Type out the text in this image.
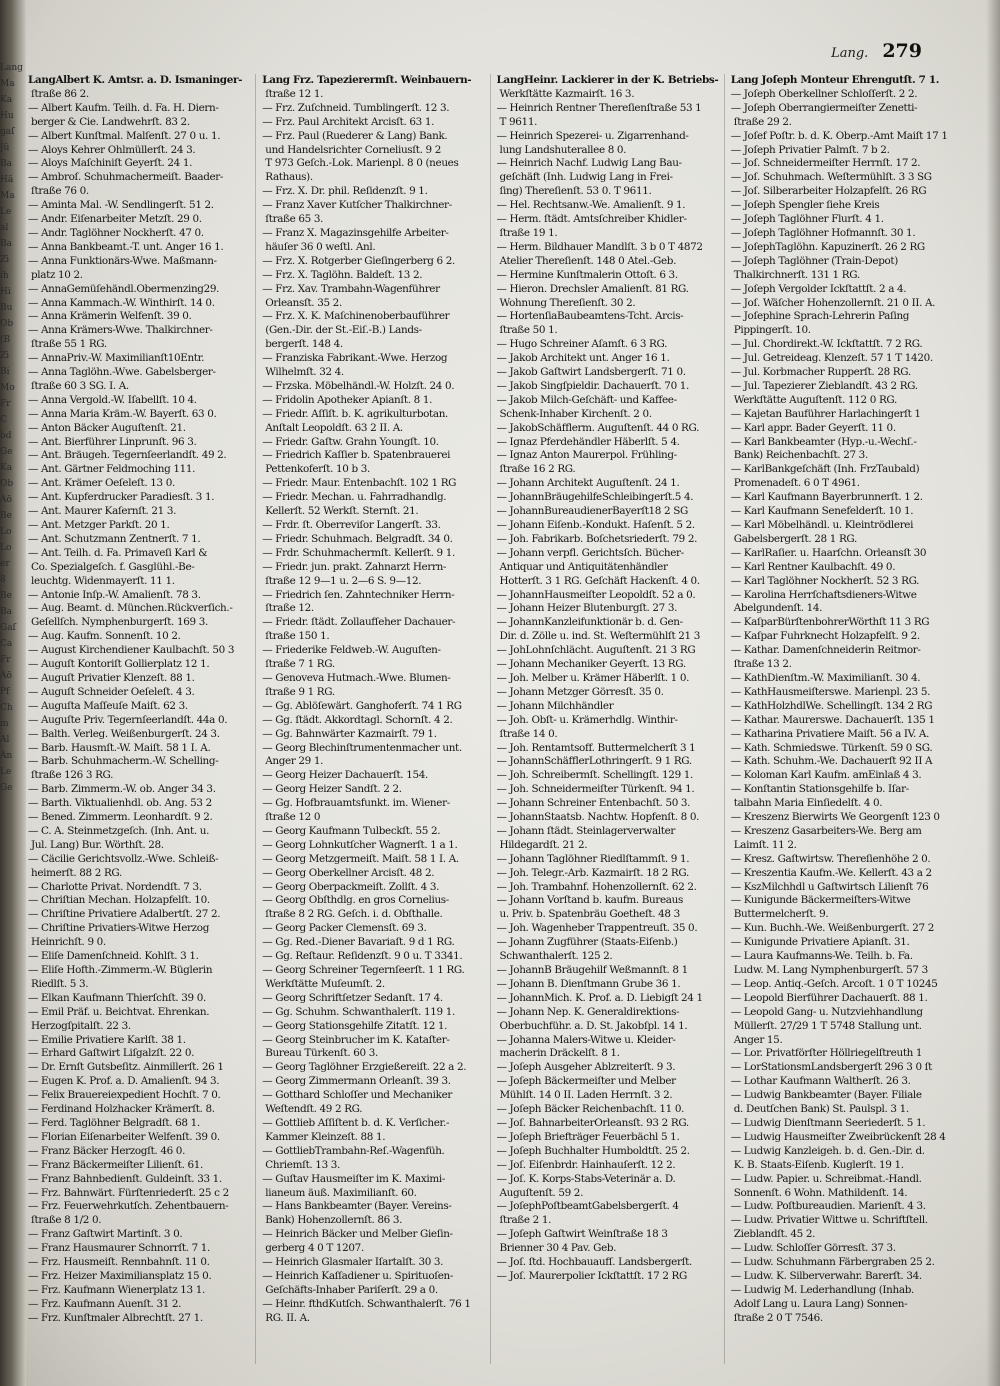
Lang
Ma
Ka
Hu
gaſ
Jü
Ba
Hä
Ma
Le
al
Ba
Zi
ih
Hi
Bu
Ob
(B
Zi
Bi
Mo
Fr
C
bd
Ge
Ka
Ob
Aö
Be
Lo
Lo
er
8
Be
Ba
Gaſ
Ca
Fr
Aö
Pf
Ch
m
Al
An
Le
Ge
Lang. 279
LangAlbert K. Amtsr. a. D. Ismaninger-
ſtraße 86 2.
— Albert Kaufm. Teilh. d. Fa. H. Diern-
berger & Cie. Landwehrſt. 83 2.
— Albert Kunſtmal. Malſenſt. 27 0 u. 1.
— Aloys Kehrer Ohlmüllerſt. 24 3.
— Aloys Maſchiniſt Geyerſt. 24 1.
— Ambroſ. Schuhmachermeiſt. Baader-
ſtraße 76 0.
— Aminta Mal. -W. Sendlingerſt. 51 2.
— Andr. Eiſenarbeiter Metzſt. 29 0.
— Andr. Taglöhner Nockherſt. 47 0.
— Anna Bankbeamt.-T. unt. Anger 16 1.
— Anna Funktionärs-Wwe. Maßmann-
platz 10 2.
— AnnaGemüſehändl.Obermenzing29.
— Anna Kammach.-W. Winthirſt. 14 0.
— Anna Krämerin Welfenſt. 39 0.
— Anna Krämers-Wwe. Thalkirchner-
ſtraße 55 1 RG.
— AnnaPriv.-W. Maximilianſt10Entr.
— Anna Taglöhn.-Wwe. Gabelsberger-
ſtraße 60 3 SG. I. A.
— Anna Vergold.-W. Iſabellſt. 10 4.
— Anna Maria Kräm.-W. Bayerſt. 63 0.
— Anton Bäcker Auguſtenſt. 21.
— Ant. Bierführer Linprunſt. 96 3.
— Ant. Bräugeh. Tegernſeerlandſt. 49 2.
— Ant. Gärtner Feldmoching 111.
— Ant. Krämer Oeſeleſt. 13 0.
— Ant. Kupferdrucker Paradiesſt. 3 1.
— Ant. Maurer Kaſernſt. 21 3.
— Ant. Metzger Parkſt. 20 1.
— Ant. Schutzmann Zentnerſt. 7 1.
— Ant. Teilh. d. Fa. Primaveſi Karl &
Co. Spezialgeſch. f. Gasglühl.-Be-
leuchtg. Widenmayerſt. 11 1.
— Antonie Inſp.-W. Amalienſt. 78 3.
— Aug. Beamt. d. München.Rückverſich.-
Geſellſch. Nymphenburgerſt. 169 3.
— Aug. Kaufm. Sonnenſt. 10 2.
— August Kirchendiener Kaulbachſt. 50 3
— Auguſt Kontoriſt Gollierplatz 12 1.
— Auguſt Privatier Klenzeſt. 88 1.
— Auguſt Schneider Oeſeleſt. 4 3.
— Auguſta Maſſeuſe Maiſt. 62 3.
— Auguſte Priv. Tegernſeerlandſt. 44a 0.
— Balth. Verleg. Weißenburgerſt. 24 3.
— Barb. Hausmſt.-W. Maiſt. 58 1 I. A.
— Barb. Schuhmacherm.-W. Schelling-
ſtraße 126 3 RG.
— Barb. Zimmerm.-W. ob. Anger 34 3.
— Barth. Viktualienhdl. ob. Ang. 53 2
— Bened. Zimmerm. Leonhardſt. 9 2.
— C. A. Steinmetzgeſch. (Inh. Ant. u.
Jul. Lang) Bur. Wörthſt. 28.
— Cäcilie Gerichtsvollz.-Wwe. Schleiß-
heimerſt. 88 2 RG.
— Charlotte Privat. Nordendſt. 7 3.
— Chriſtian Mechan. Holzapfelſt. 10.
— Chriſtine Privatiere Adalbertſt. 27 2.
— Chriſtine Privatiers-Witwe Herzog
Heinrichſt. 9 0.
— Eliſe Damenſchneid. Kohlſt. 3 1.
— Eliſe Hofth.-Zimmerm.-W. Büglerin
Riedlſt. 5 3.
— Elkan Kaufmann Thierſchſt. 39 0.
— Emil Präf. u. Beichtvat. Ehrenkan.
Herzogſpitalſt. 22 3.
— Emilie Privatiere Karlſt. 38 1.
— Erhard Gaſtwirt Liſgalzſt. 22 0.
— Dr. Ernſt Gutsbeſitz. Ainmillerſt. 26 1
— Eugen K. Prof. a. D. Amalienſt. 94 3.
— Felix Brauereiexpedient Hochſt. 7 0.
— Ferdinand Holzhacker Krämerſt. 8.
— Ferd. Taglöhner Belgradſt. 68 1.
— Florian Eiſenarbeiter Welfenſt. 39 0.
— Franz Bäcker Herzogſt. 46 0.
— Franz Bäckermeiſter Lilienſt. 61.
— Franz Bahnbedienſt. Guldeinſt. 33 1.
— Frz. Bahnwärt. Fürſtenriederſt. 25 c 2
— Frz. Feuerwehrkutſch. Zehentbauern-
ſtraße 8 1/2 0.
— Franz Gaſtwirt Martinſt. 3 0.
— Franz Hausmaurer Schnorrſt. 7 1.
— Frz. Hausmeiſt. Rennbahnſt. 11 0.
— Frz. Heizer Maximiliansplatz 15 0.
— Frz. Kaufmann Wienerplatz 13 1.
— Frz. Kaufmann Auenſt. 31 2.
— Frz. Kunſtmaler Albrechtſt. 27 1.
Lang Frz. Tapezierermſt. Weinbauern-
ſtraße 12 1.
— Frz. Zuſchneid. Tumblingerſt. 12 3.
— Frz. Paul Architekt Arcisſt. 63 1.
— Frz. Paul (Ruederer & Lang) Bank.
und Handelsrichter Corneliusſt. 9 2
T 973 Geſch.-Lok. Marienpl. 8 0 (neues
Rathaus).
— Frz. X. Dr. phil. Reſidenzſt. 9 1.
— Franz Xaver Kutſcher Thalkirchner-
ſtraße 65 3.
— Franz X. Magazinsgehilfe Arbeiter-
häuſer 36 0 weſtl. Anl.
— Frz. X. Rotgerber Gieſingerberg 6 2.
— Frz. X. Taglöhn. Baldeſt. 13 2.
— Frz. Xav. Trambahn-Wagenführer
Orleansſt. 35 2.
— Frz. X. K. Maſchinenoberbauführer
(Gen.-Dir. der St.-Eiſ.-B.) Lands-
bergerſt. 148 4.
— Franziska Fabrikant.-Wwe. Herzog
Wilhelmſt. 32 4.
— Frzska. Möbelhändl.-W. Holzſt. 24 0.
— Fridolin Apotheker Apianſt. 8 1.
— Friedr. Aſſiſt. b. K. agrikulturbotan.
Anſtalt Leopoldſt. 63 2 II. A.
— Friedr. Gaſtw. Grahn Youngſt. 10.
— Friedrich Kaſſier b. Spatenbrauerei
Pettenkoferſt. 10 b 3.
— Friedr. Maur. Entenbachſt. 102 1 RG
— Friedr. Mechan. u. Fahrradhandlg.
Kellerſt. 52 Werkſt. Sternſt. 21.
— Frdr. ſt. Oberreviſor Langerſt. 33.
— Friedr. Schuhmach. Belgradſt. 34 0.
— Frdr. Schuhmachermſt. Kellerſt. 9 1.
— Friedr. jun. prakt. Zahnarzt Herrn-
ſtraße 12 9—1 u. 2—6 S. 9—12.
— Friedrich ſen. Zahntechniker Herrn-
ſtraße 12.
— Friedr. ſtädt. Zollaufſeher Dachauer-
ſtraße 150 1.
— Friederike Feldweb.-W. Auguſten-
ſtraße 7 1 RG.
— Genoveva Hutmach.-Wwe. Blumen-
ſtraße 9 1 RG.
— Gg. Ablöſewärt. Ganghoferſt. 74 1 RG
— Gg. ſtädt. Akkordtagl. Schornſt. 4 2.
— Gg. Bahnwärter Kazmairſt. 79 1.
— Georg Blechinſtrumentenmacher unt.
Anger 29 1.
— Georg Heizer Dachauerſt. 154.
— Georg Heizer Sandſt. 2 2.
— Gg. Hofbrauamtsfunkt. im. Wiener-
ſtraße 12 0
— Georg Kaufmann Tulbeckſt. 55 2.
— Georg Lohnkutſcher Wagnerſt. 1 a 1.
— Georg Metzgermeiſt. Maiſt. 58 1 I. A.
— Georg Oberkellner Arcisſt. 48 2.
— Georg Oberpackmeiſt. Zollſt. 4 3.
— Georg Obſthdlg. en gros Cornelius-
ſtraße 8 2 RG. Geſch. i. d. Obſthalle.
— Georg Packer Clemensſt. 69 3.
— Gg. Red.-Diener Bavariaſt. 9 d 1 RG.
— Gg. Reſtaur. Reſidenzſt. 9 0 u. T 3341.
— Georg Schreiner Tegernſeerſt. 1 1 RG.
Werkſtätte Muſeumſt. 2.
— Georg Schriftſetzer Sedanſt. 17 4.
— Gg. Schuhm. Schwanthalerſt. 119 1.
— Georg Stationsgehilfe Zitatſt. 12 1.
— Georg Steinbrucher im K. Kataſter-
Bureau Türkenſt. 60 3.
— Georg Taglöhner Erzgießereiſt. 22 a 2.
— Georg Zimmermann Orleanſt. 39 3.
— Gotthard Schloſſer und Mechaniker
Weſtendſt. 49 2 RG.
— Gottlieb Aſſiſtent b. d. K. Verſicher.-
Kammer Kleinzeſt. 88 1.
— GottliebTrambahn-Reſ.-Wagenfüh.
Chriemſt. 13 3.
— Guſtav Hausmeiſter im K. Maximi-
lianeum äuß. Maximilianſt. 60.
— Hans Bankbeamter (Bayer. Vereins-
Bank) Hohenzollernſt. 86 3.
— Heinrich Bäcker und Melber Gieſin-
gerberg 4 0 T 1207.
— Heinrich Glasmaler Iſartalſt. 30 3.
— Heinrich Kaſſadiener u. Spirituoſen-
Geſchäfts-Inhaber Pariſerſt. 29 a 0.
— Heinr. fthdKutſch. Schwanthalerſt. 76 1
RG. II. A.
LangHeinr. Lackierer in der K. Betriebs-
Werkſtätte Kazmairſt. 16 3.
— Heinrich Rentner Thereſienſtraße 53 1
T 9611.
— Heinrich Spezerei- u. Zigarrenhand-
lung Landshuterallee 8 0.
— Heinrich Nachf. Ludwig Lang Bau-
geſchäft (Inh. Ludwig Lang in Frei-
ſing) Thereſienſt. 53 0. T 9611.
— Hel. Rechtsanw.-We. Amalienſt. 9 1.
— Herm. ſtädt. Amtsſchreiber Khidler-
ſtraße 19 1.
— Herm. Bildhauer Mandlſt. 3 b 0 T 4872
Atelier Thereſienſt. 148 0 Atel.-Geb.
— Hermine Kunſtmalerin Ottoſt. 6 3.
— Hieron. Drechsler Amalienſt. 81 RG.
Wohnung Thereſienſt. 30 2.
— HortenſiaBaubeamtens-Tcht. Arcis-
ſtraße 50 1.
— Hugo Schreiner Aſamſt. 6 3 RG.
— Jakob Architekt unt. Anger 16 1.
— Jakob Gaſtwirt Landsbergerſt. 71 0.
— Jakob Singſpieldir. Dachauerſt. 70 1.
— Jakob Milch-Geſchäft- und Kaffee-
Schenk-Inhaber Kirchenſt. 2 0.
— JakobSchäfflerm. Auguſtenſt. 44 0 RG.
— Ignaz Pferdehändler Häberlſt. 5 4.
— Ignaz Anton Maurerpol. Frühling-
ſtraße 16 2 RG.
— Johann Architekt Auguſtenſt. 24 1.
— JohannBräugehilfeSchleibingerſt.5 4.
— JohannBureaudienerBayerſt18 2 SG
— Johann Eiſenb.-Kondukt. Haſenſt. 5 2.
— Joh. Fabrikarb. Boſchetsriederſt. 79 2.
— Johann verpfl. Gerichtsſch. Bücher-
Antiquar und Antiquitätenhändler
Hotterſt. 3 1 RG. Geſchäft Hackenſt. 4 0.
— JohannHausmeiſter Leopoldſt. 52 a 0.
— Johann Heizer Blutenburgſt. 27 3.
— JohannKanzleifunktionär b. d. Gen-
Dir. d. Zölle u. ind. St. Weſtermühlſt 21 3
— JohLohnſchlächt. Auguſtenſt. 21 3 RG
— Johann Mechaniker Geyerſt. 13 RG.
— Joh. Melber u. Krämer Häberlſt. 1 0.
— Johann Metzger Görresſt. 35 0.
— Johann Milchhändler
— Joh. Obſt- u. Krämerhdlg. Winthir-
ſtraße 14 0.
— Joh. Rentamtsoff. Buttermelcherſt 3 1
— JohannSchäfflerLothringerſt. 9 1 RG.
— Joh. Schreibermſt. Schellingſt. 129 1.
— Joh. Schneidermeiſter Türkenſt. 94 1.
— Johann Schreiner Entenbachſt. 50 3.
— JohannStaatsb. Nachtw. Hopfenſt. 8 0.
— Johann ſtädt. Steinlagerverwalter
Hildegardſt. 21 2.
— Johann Taglöhner Riedlſtammſt. 9 1.
— Joh. Telegr.-Arb. Kazmairſt. 18 2 RG.
— Joh. Trambahnf. Hohenzollernſt. 62 2.
— Johann Vorſtand b. kaufm. Bureaus
u. Priv. b. Spatenbräu Goetheſt. 48 3
— Joh. Wagenheber Trappentreuſt. 35 0.
— Johann Zugführer (Staats-Eiſenb.)
Schwanthalerſt. 125 2.
— JohannB Bräugehilf Weßmannſt. 8 1
— Johann B. Dienſtmann Grube 36 1.
— JohannMich. K. Prof. a. D. Liebigſt 24 1
— Johann Nep. K. Generaldirektions-
Oberbuchführ. a. D. St. Jakobſpl. 14 1.
— Johanna Malers-Witwe u. Kleider-
macherin Dräckelſt. 8 1.
— Joſeph Ausgeher Ablzreiterſt. 9 3.
— Joſeph Bäckermeiſter und Melber
Mühlſt. 14 0 II. Laden Herrnſt. 3 2.
— Joſeph Bäcker Reichenbachſt. 11 0.
— Joſ. BahnarbeiterOrleansſt. 93 2 RG.
— Joſeph Briefträger Feuerbächl 5 1.
— Joſeph Buchhalter Humboldtſt. 25 2.
— Joſ. Eiſenbrdr. Hainhauſerſt. 12 2.
— Joſ. K. Korps-Stabs-Veterinär a. D.
Auguſtenſt. 59 2.
— JoſephPoſtbeamtGabelsbergerſt. 4
ſtraße 2 1.
— Joſeph Gaſtwirt Weinſtraße 18 3
Brienner 30 4 Pav. Geb.
— Joſ. ſtd. Hochbauaufſ. Landsbergerſt.
— Joſ. Maurerpolier Ickſtattſt. 17 2 RG
Lang Joſeph Monteur Ehrengutſt. 7 1.
— Joſeph Oberkellner Schloſſerſt. 2 2.
— Joſeph Oberrangiermeiſter Zenetti-
ſtraße 29 2.
— Joſef Poſtr. b. d. K. Oberp.-Amt Maiſt 17 1
— Joſeph Privatier Palmſt. 7 b 2.
— Joſ. Schneidermeiſter Herrnſt. 17 2.
— Joſ. Schuhmach. Weſtermühlſt. 3 3 SG
— Joſ. Silberarbeiter Holzapfelſt. 26 RG
— Joſeph Spengler ſiehe Kreis
— Joſeph Taglöhner Flurſt. 4 1.
— Joſeph Taglöhner Hofmannſt. 30 1.
— JoſephTaglöhn. Kapuzinerſt. 26 2 RG
— Joſeph Taglöhner (Train-Depot)
Thalkirchnerſt. 131 1 RG.
— Joſeph Vergolder Ickſtattſt. 2 a 4.
— Joſ. Wäſcher Hohenzollernſt. 21 0 II. A.
— Joſephine Sprach-Lehrerin Paſing
Pippingerſt. 10.
— Jul. Chordirekt.-W. Ickſtattſt. 7 2 RG.
— Jul. Getreideag. Klenzeſt. 57 1 T 1420.
— Jul. Korbmacher Rupperſt. 28 RG.
— Jul. Tapezierer Zieblandſt. 43 2 RG.
Werkſtätte Auguſtenſt. 112 0 RG.
— Kajetan Bauführer Harlachingerſt 1
— Karl appr. Bader Geyerſt. 11 0.
— Karl Bankbeamter (Hyp.-u.-Wechſ.-
Bank) Reichenbachſt. 27 3.
— KarlBankgeſchäft (Inh. FrzTaubald)
Promenadeſt. 6 0 T 4961.
— Karl Kaufmann Bayerbrunnerſt. 1 2.
— Karl Kaufmann Senefelderſt. 10 1.
— Karl Möbelhändl. u. Kleintrödlerei
Gabelsbergerſt. 28 1 RG.
— KarlRaſier. u. Haarſchn. Orleansſt 30
— Karl Rentner Kaulbachſt. 49 0.
— Karl Taglöhner Nockherſt. 52 3 RG.
— Karolina Herrſchaftsdieners-Witwe
Abelgundenſt. 14.
— KaſparBürſtenbohrerWörthſt 11 3 RG
— Kaſpar Fuhrknecht Holzapfelſt. 9 2.
— Kathar. Damenſchneiderin Reitmor-
ſtraße 13 2.
— KathDienſtm.-W. Maximilianſt. 30 4.
— KathHausmeiſterswe. Marienpl. 23 5.
— KathHolzhdlWe. Schellingſt. 134 2 RG
— Kathar. Maurerswe. Dachauerſt. 135 1
— Katharina Privatiere Maiſt. 56 a IV. A.
— Kath. Schmiedswe. Türkenſt. 59 0 SG.
— Kath. Schuhm.-We. Dachauerſt 92 II A
— Koloman Karl Kaufm. amEinlaß 4 3.
— Konſtantin Stationsgehilfe b. Iſar-
talbahn Maria Einſiedelſt. 4 0.
— Kreszenz Bierwirts We Georgenſt 123 0
— Kreszenz Gasarbeiters-We. Berg am
Laimſt. 11 2.
— Kresz. Gaſtwirtsw. Thereſienhöhe 2 0.
— Kreszentia Kaufm.-We. Kellerſt. 43 a 2
— KszMilchhdl u Gaſtwirtsch Lilienſt 76
— Kunigunde Bäckermeiſters-Witwe
Buttermelcherſt. 9.
— Kun. Buchh.-We. Weißenburgerſt. 27 2
— Kunigunde Privatiere Apianſt. 31.
— Laura Kaufmanns-We. Teilh. b. Fa.
Ludw. M. Lang Nymphenburgerſt. 57 3
— Leop. Antiq.-Geſch. Arcoſt. 1 0 T 10245
— Leopold Bierführer Dachauerſt. 88 1.
— Leopold Gang- u. Nutzviehhandlung
Müllerſt. 27/29 1 T 5748 Stallung unt.
Anger 15.
— Lor. Privatförſter Höllriegelſtreuth 1
— LorStationsmLandsbergerſt 296 3 0 ſt
— Lothar Kaufmann Waltherſt. 26 3.
— Ludwig Bankbeamter (Bayer. Filiale
d. Deutſchen Bank) St. Paulspl. 3 1.
— Ludwig Dienſtmann Seeriederſt. 5 1.
— Ludwig Hausmeiſter Zweibrückenſt 28 4
— Ludwig Kanzleigeh. b. d. Gen.-Dir. d.
K. B. Staats-Eiſenb. Kuglerſt. 19 1.
— Ludw. Papier. u. Schreibmat.-Handl.
Sonnenſt. 6 Wohn. Mathildenſt. 14.
— Ludw. Poſtbureaudien. Marienſt. 4 3.
— Ludw. Privatier Wittwe u. Schriftſtell.
Zieblandſt. 45 2.
— Ludw. Schloſſer Görresſt. 37 3.
— Ludw. Schuhmann Färbergraben 25 2.
— Ludw. K. Silberverwahr. Barerſt. 34.
— Ludwig M. Lederhandlung (Inhab.
Adolf Lang u. Laura Lang) Sonnen-
ſtraße 2 0 T 7546.
